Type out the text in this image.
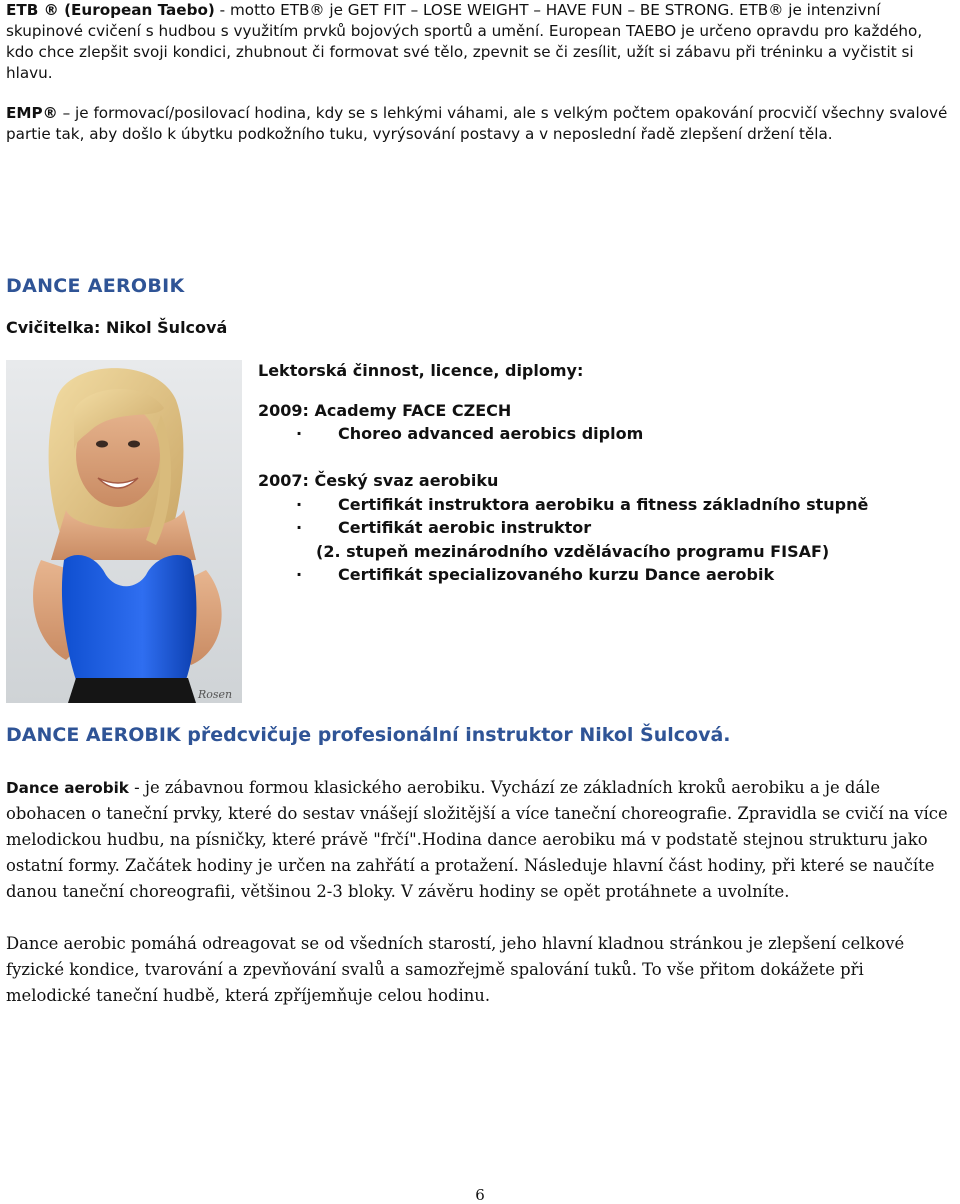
ETB ® (European Taebo) - motto ETB® je GET FIT – LOSE WEIGHT – HAVE FUN – BE STRONG. ETB® je intenzivní skupinové cvičení s hudbou s využitím prvků bojových sportů a umění. European TAEBO je určeno opravdu pro každého, kdo chce zlepšit svoji kondici, zhubnout či formovat své tělo, zpevnit se či zesílit, užít si zábavu při tréninku a vyčistit si hlavu.

EMP® – je formovací/posilovací hodina, kdy se s lehkými váhami, ale s velkým počtem opakování procvičí všechny svalové partie tak, aby došlo k úbytku podkožního tuku, vyrýsování postavy a v neposlední řadě zlepšení držení těla.

DANCE AEROBIK

Cvičitelka: Nikol Šulcová

Rosen
Lektorská činnost, licence, diplomy:
2009: Academy FACE CZECH
· Choreo advanced aerobics diplom
2007: Český svaz aerobiku
· Certifikát instruktora aerobiku a fitness základního stupně
· Certifikát aerobic instruktor
(2. stupeň mezinárodního vzdělávacího programu FISAF)
· Certifikát specializovaného kurzu Dance aerobik
DANCE AEROBIK předcvičuje profesionální instruktor Nikol Šulcová.

Dance aerobik - je zábavnou formou klasického aerobiku. Vychází ze základních kroků aerobiku a je dále obohacen o taneční prvky, které do sestav vnášejí složitější a více taneční choreografie. Zpravidla se cvičí na více melodickou hudbu, na písničky, které právě "frčí".Hodina dance aerobiku má v podstatě stejnou strukturu jako ostatní formy. Začátek hodiny je určen na zahřátí a protažení. Následuje hlavní část hodiny, při které se naučíte danou taneční choreografii, většinou 2-3 bloky. V závěru hodiny se opět protáhnete a uvolníte.

Dance aerobic pomáhá odreagovat se od všedních starostí, jeho hlavní kladnou stránkou je zlepšení celkové fyzické kondice, tvarování a zpevňování svalů a samozřejmě spalování tuků. To vše přitom dokážete při melodické taneční hudbě, která zpříjemňuje celou hodinu.

6
